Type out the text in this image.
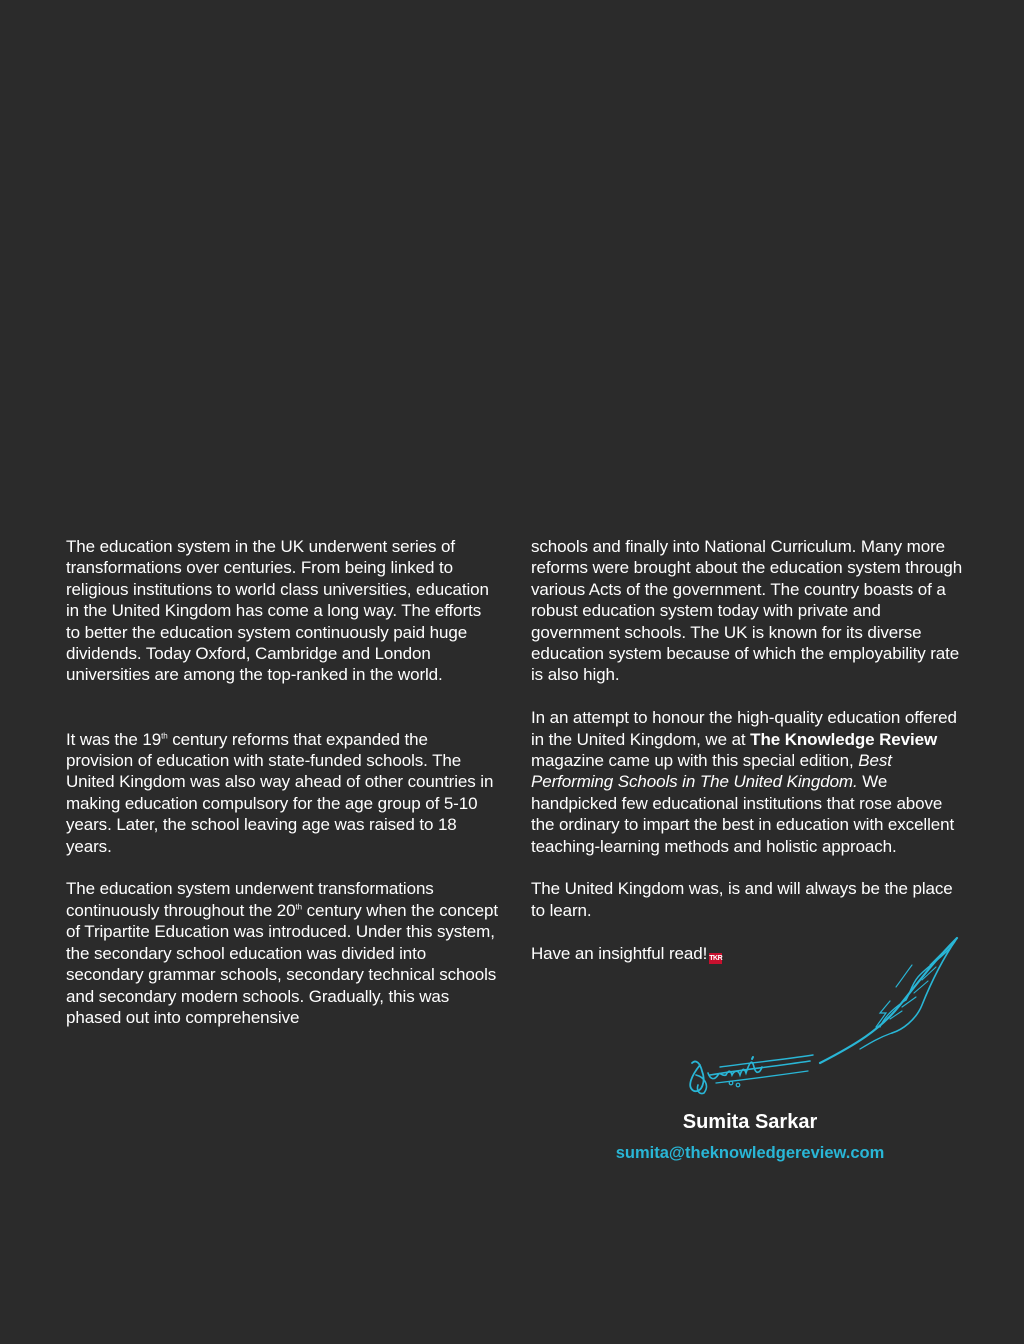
The education system in the UK underwent series of transformations over centuries. From being linked to religious institutions to world class universities, education in the United Kingdom has come a long way. The efforts to better the education system continuously paid huge dividends. Today Oxford, Cambridge and London universities are among the top-ranked in the world.

It was the 19th century reforms that expanded the provision of education with state-funded schools. The United Kingdom was also way ahead of other countries in making education compulsory for the age group of 5-10 years. Later, the school leaving age was raised to 18 years.

The education system underwent transformations continuously throughout the 20th century when the concept of Tripartite Education was introduced. Under this system, the secondary school education was divided into secondary grammar schools, secondary technical schools and secondary modern schools. Gradually, this was phased out into comprehensive

schools and finally into National Curriculum. Many more reforms were brought about the education system through various Acts of the government. The country boasts of a robust education system today with private and government schools. The UK is known for its diverse education system because of which the employability rate is also high.

In an attempt to honour the high-quality education offered in the United Kingdom, we at The Knowledge Review magazine came up with this special edition, Best Performing Schools in The United Kingdom. We handpicked few educational institutions that rose above the ordinary to impart the best in education with excellent teaching-learning methods and holistic approach.

The United Kingdom was, is and will always be the place to learn.

Have an insightful read! TKR

Sumita Sarkar
sumita@theknowledgereview.com
